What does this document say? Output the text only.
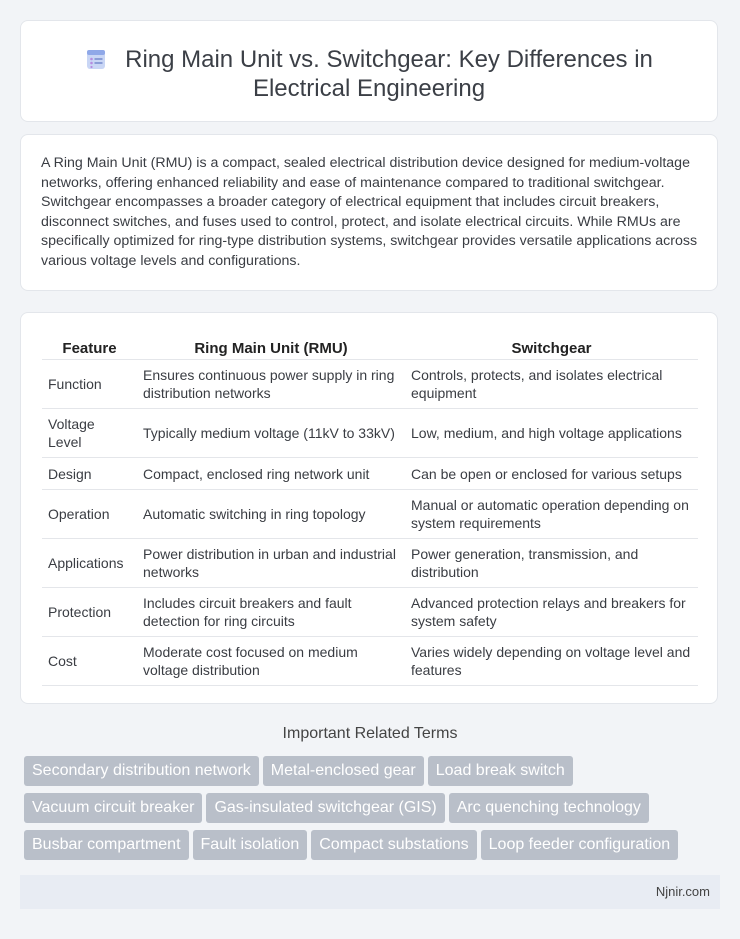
Ring Main Unit vs. Switchgear: Key Differences in
Electrical Engineering
A Ring Main Unit (RMU) is a compact, sealed electrical distribution device designed for medium-voltage networks, offering enhanced reliability and ease of maintenance compared to traditional switchgear. Switchgear encompasses a broader category of electrical equipment that includes circuit breakers, disconnect switches, and fuses used to control, protect, and isolate electrical circuits. While RMUs are specifically optimized for ring-type distribution systems, switchgear provides versatile applications across various voltage levels and configurations.
Feature	Ring Main Unit (RMU)	Switchgear
Function	Ensures continuous power supply in ring distribution networks	Controls, protects, and isolates electrical equipment
Voltage Level	Typically medium voltage (11kV to 33kV)	Low, medium, and high voltage applications
Design	Compact, enclosed ring network unit	Can be open or enclosed for various setups
Operation	Automatic switching in ring topology	Manual or automatic operation depending on system requirements
Applications	Power distribution in urban and industrial networks	Power generation, transmission, and distribution
Protection	Includes circuit breakers and fault detection for ring circuits	Advanced protection relays and breakers for system safety
Cost	Moderate cost focused on medium voltage distribution	Varies widely depending on voltage level and features
Important Related Terms
Secondary distribution network Metal-enclosed gear Load break switch
Vacuum circuit breaker Gas-insulated switchgear (GIS) Arc quenching technology
Busbar compartment Fault isolation Compact substations Loop feeder configuration
Njnir.com
